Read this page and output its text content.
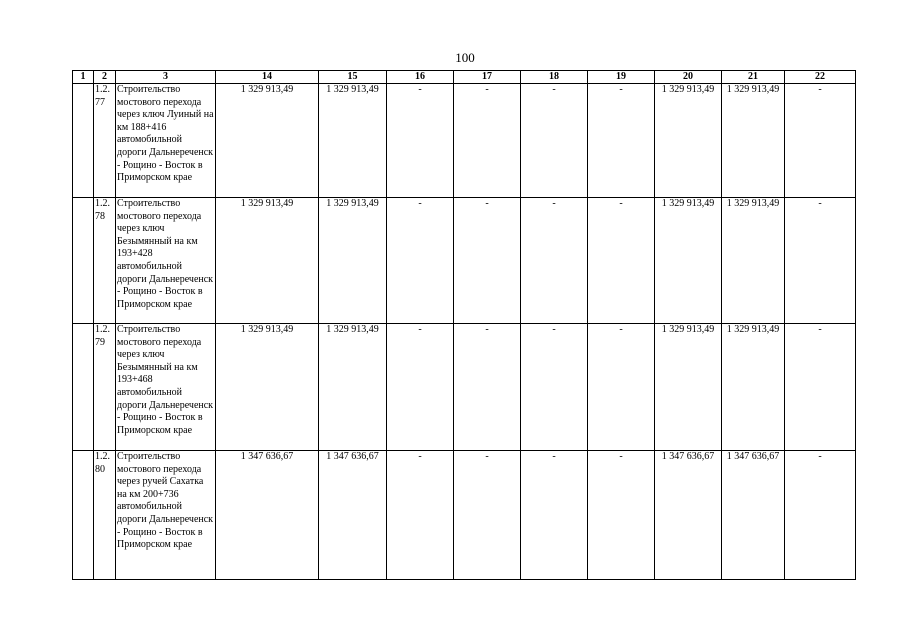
100
1	2	3	14	15	16	17	18	19	20	21	22
	1.2.77	Строительство мостового перехода через ключ Луиный на км 188+416 автомобильной дороги Дальнереченск - Рощино - Восток в Приморском крае	1 329 913,49	1 329 913,49	-	-	-	-	1 329 913,49	1 329 913,49	-
	1.2.78	Строительство мостового перехода через ключ Безымянный на км 193+428 автомобильной дороги Дальнереченск - Рощино - Восток в Приморском крае	1 329 913,49	1 329 913,49	-	-	-	-	1 329 913,49	1 329 913,49	-
	1.2.79	Строительство мостового перехода через ключ Безымянный на км 193+468 автомобильной дороги Дальнереченск - Рощино - Восток в Приморском крае	1 329 913,49	1 329 913,49	-	-	-	-	1 329 913,49	1 329 913,49	-
	1.2.80	Строительство мостового перехода через ручей Сахатка на км 200+736 автомобильной дороги Дальнереченск - Рощино - Восток в Приморском крае	1 347 636,67	1 347 636,67	-	-	-	-	1 347 636,67	1 347 636,67	-
